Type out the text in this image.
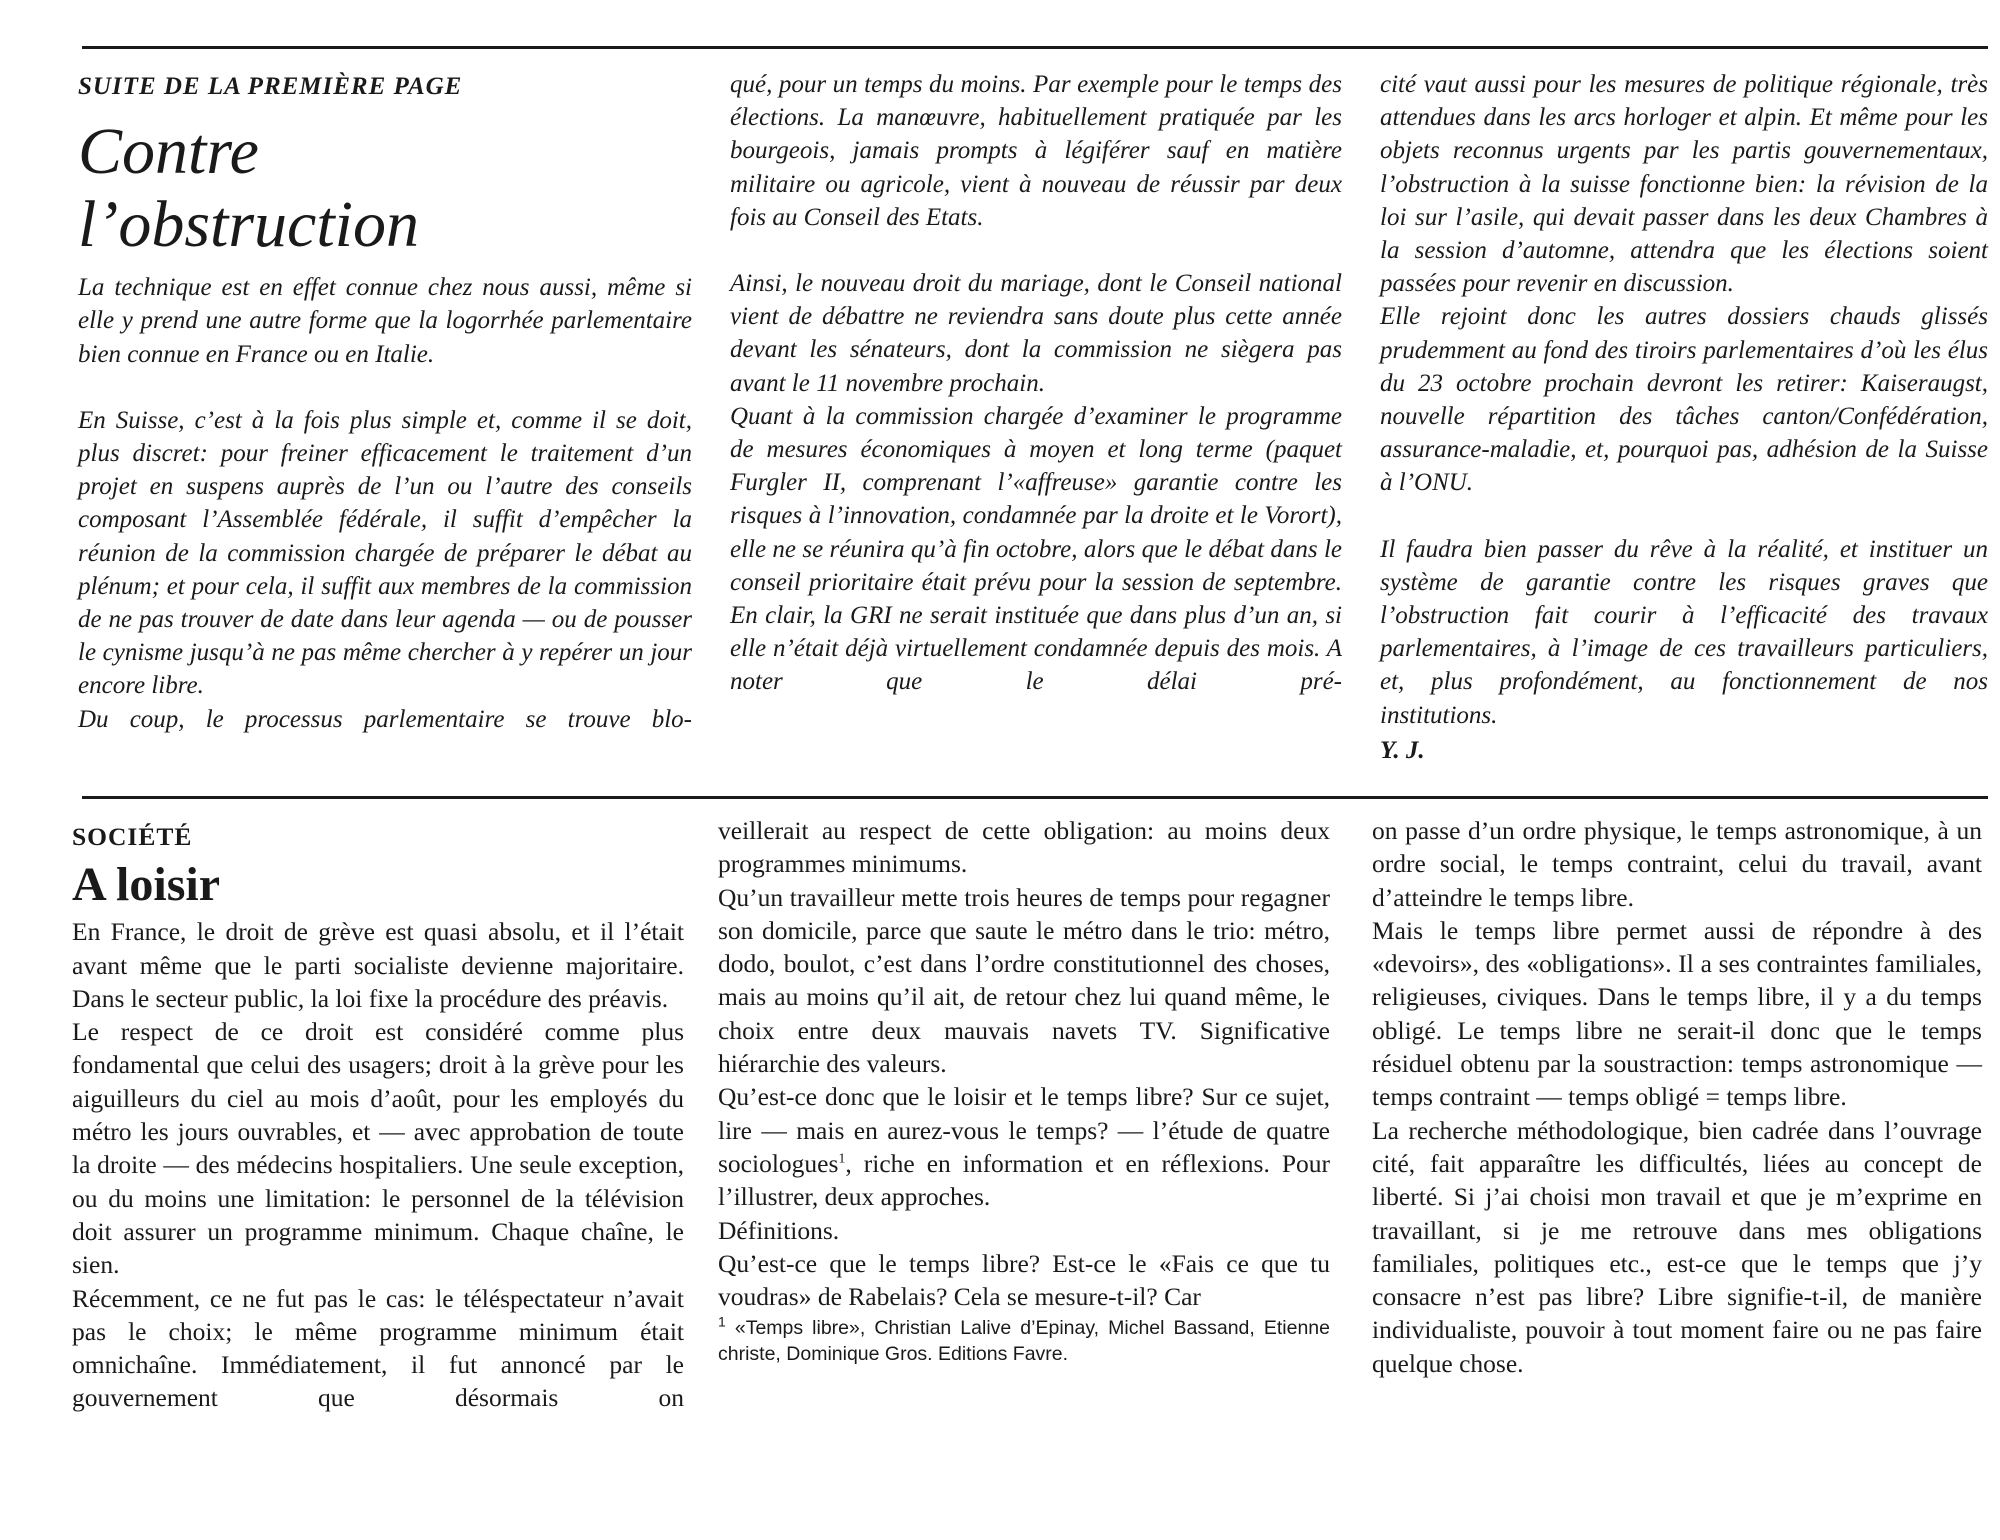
SUITE DE LA PREMIÈRE PAGE

Contre
l’obstruction

La technique est en effet connue chez nous aussi, même si elle y prend une autre forme que la logorrhée parlementaire bien connue en France ou en Italie.

En Suisse, c’est à la fois plus simple et, comme il se doit, plus discret: pour freiner efficacement le traitement d’un projet en suspens auprès de l’un ou l’autre des conseils composant l’Assemblée fédérale, il suffit d’empêcher la réunion de la commission chargée de préparer le débat au plénum; et pour cela, il suffit aux membres de la commission de ne pas trouver de date dans leur agenda — ou de pousser le cynisme jusqu’à ne pas même chercher à y repérer un jour encore libre.

Du coup, le processus parlementaire se trouve blo-

qué, pour un temps du moins. Par exemple pour le temps des élections. La manœuvre, habituellement pratiquée par les bourgeois, jamais prompts à légiférer sauf en matière militaire ou agricole, vient à nouveau de réussir par deux fois au Conseil des Etats.

Ainsi, le nouveau droit du mariage, dont le Conseil national vient de débattre ne reviendra sans doute plus cette année devant les sénateurs, dont la commission ne siègera pas avant le 11 novembre prochain.

Quant à la commission chargée d’examiner le programme de mesures économiques à moyen et long terme (paquet Furgler II, comprenant l’«affreuse» garantie contre les risques à l’innovation, condamnée par la droite et le Vorort), elle ne se réunira qu’à fin octobre, alors que le débat dans le conseil prioritaire était prévu pour la session de septembre. En clair, la GRI ne serait instituée que dans plus d’un an, si elle n’était déjà virtuellement condamnée depuis des mois. A noter que le délai pré-

cité vaut aussi pour les mesures de politique régionale, très attendues dans les arcs horloger et alpin. Et même pour les objets reconnus urgents par les partis gouvernementaux, l’obstruction à la suisse fonctionne bien: la révision de la loi sur l’asile, qui devait passer dans les deux Chambres à la session d’automne, attendra que les élections soient passées pour revenir en discussion.

Elle rejoint donc les autres dossiers chauds glissés prudemment au fond des tiroirs parlementaires d’où les élus du 23 octobre prochain devront les retirer: Kaiseraugst, nouvelle répartition des tâches canton/Confédération, assurance-maladie, et, pourquoi pas, adhésion de la Suisse à l’ONU.

Il faudra bien passer du rêve à la réalité, et instituer un système de garantie contre les risques graves que l’obstruction fait courir à l’efficacité des travaux parlementaires, à l’image de ces travailleurs particuliers, et, plus profondément, au fonctionnement de nos institutions.

Y. J.

SOCIÉTÉ

A loisir

En France, le droit de grève est quasi absolu, et il l’était avant même que le parti socialiste devienne majoritaire. Dans le secteur public, la loi fixe la procédure des préavis.

Le respect de ce droit est considéré comme plus fondamental que celui des usagers; droit à la grève pour les aiguilleurs du ciel au mois d’août, pour les employés du métro les jours ouvrables, et — avec approbation de toute la droite — des médecins hospitaliers. Une seule exception, ou du moins une limitation: le personnel de la télévision doit assurer un programme minimum. Chaque chaîne, le sien.

Récemment, ce ne fut pas le cas: le téléspectateur n’avait pas le choix; le même programme minimum était omnichaîne. Immédiatement, il fut annoncé par le gouvernement que désormais on

veillerait au respect de cette obligation: au moins deux programmes minimums.

Qu’un travailleur mette trois heures de temps pour regagner son domicile, parce que saute le métro dans le trio: métro, dodo, boulot, c’est dans l’ordre constitutionnel des choses, mais au moins qu’il ait, de retour chez lui quand même, le choix entre deux mauvais navets TV. Significative hiérarchie des valeurs.

Qu’est-ce donc que le loisir et le temps libre? Sur ce sujet, lire — mais en aurez-vous le temps? — l’étude de quatre sociologues$^1$, riche en information et en réflexions. Pour l’illustrer, deux approches.

Définitions.

Qu’est-ce que le temps libre? Est-ce le «Fais ce que tu voudras» de Rabelais? Cela se mesure-t-il? Car

$^1$ «Temps libre», Christian Lalive d’Epinay, Michel Bassand, Etienne christe, Dominique Gros. Editions Favre.

on passe d’un ordre physique, le temps astronomique, à un ordre social, le temps contraint, celui du travail, avant d’atteindre le temps libre.

Mais le temps libre permet aussi de répondre à des «devoirs», des «obligations». Il a ses contraintes familiales, religieuses, civiques. Dans le temps libre, il y a du temps obligé. Le temps libre ne serait-il donc que le temps résiduel obtenu par la soustraction: temps astronomique — temps contraint — temps obligé = temps libre.

La recherche méthodologique, bien cadrée dans l’ouvrage cité, fait apparaître les difficultés, liées au concept de liberté. Si j’ai choisi mon travail et que je m’exprime en travaillant, si je me retrouve dans mes obligations familiales, politiques etc., est-ce que le temps que j’y consacre n’est pas libre? Libre signifie-t-il, de manière individualiste, pouvoir à tout moment faire ou ne pas faire quelque chose.
